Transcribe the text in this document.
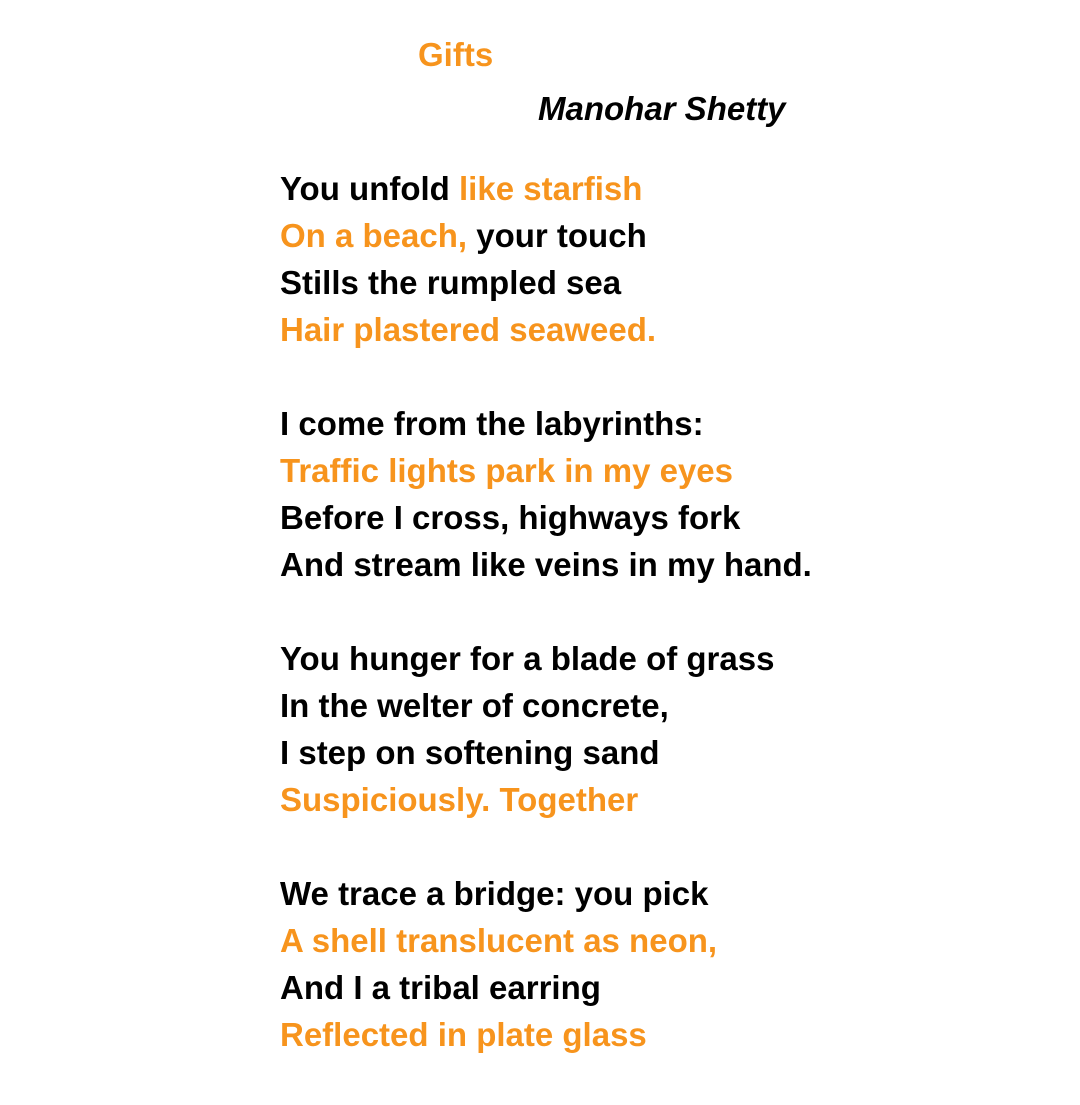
Gifts
Manohar Shetty
You unfold like starfish
On a beach, your touch
Stills the rumpled sea
Hair plastered seaweed.
I come from the labyrinths:
Traffic lights park in my eyes
Before I cross, highways fork
And stream like veins in my hand.
You hunger for a blade of grass
In the welter of concrete,
I step on softening sand
Suspiciously. Together
We trace a bridge: you pick
A shell translucent as neon,
And I a tribal earring
Reflected in plate glass
